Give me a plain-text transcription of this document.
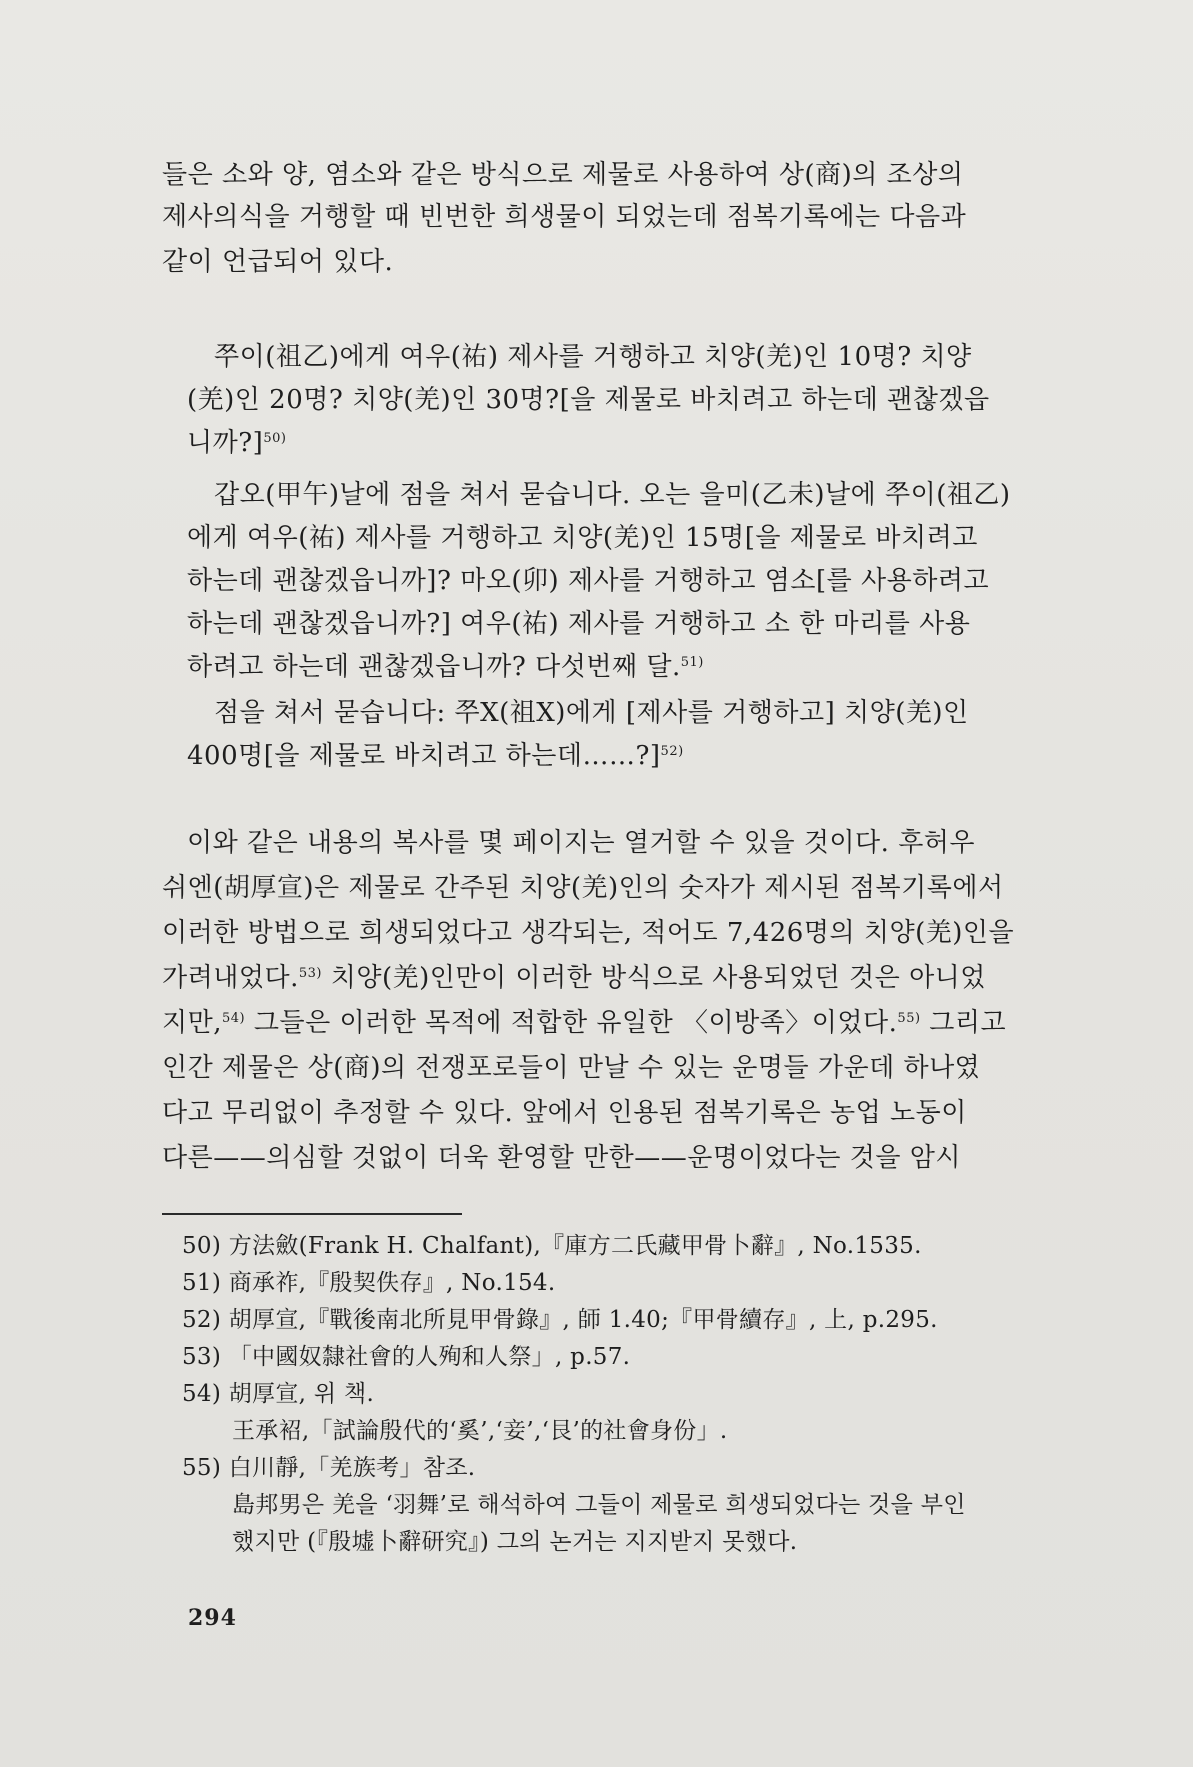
들은 소와 양, 염소와 같은 방식으로 제물로 사용하여 상(商)의 조상의
제사의식을 거행할 때 빈번한 희생물이 되었는데 점복기록에는 다음과
같이 언급되어 있다.
쭈이(祖乙)에게 여우(祐) 제사를 거행하고 치양(羌)인 10명? 치양
(羌)인 20명? 치양(羌)인 30명?[을 제물로 바치려고 하는데 괜찮겠읍
니까?]$^{50)}$
갑오(甲午)날에 점을 쳐서 묻습니다. 오는 을미(乙未)날에 쭈이(祖乙)
에게 여우(祐) 제사를 거행하고 치양(羌)인 15명[을 제물로 바치려고
하는데 괜찮겠읍니까]? 마오(卯) 제사를 거행하고 염소[를 사용하려고
하는데 괜찮겠읍니까?] 여우(祐) 제사를 거행하고 소 한 마리를 사용
하려고 하는데 괜찮겠읍니까? 다섯번째 달.$^{51)}$
점을 쳐서 묻습니다: 쭈X(祖X)에게 [제사를 거행하고] 치양(羌)인
400명[을 제물로 바치려고 하는데……?]$^{52)}$
이와 같은 내용의 복사를 몇 페이지는 열거할 수 있을 것이다. 후허우
쉬엔(胡厚宣)은 제물로 간주된 치양(羌)인의 숫자가 제시된 점복기록에서
이러한 방법으로 희생되었다고 생각되는, 적어도 7,426명의 치양(羌)인을
가려내었다.$^{53)}$ 치양(羌)인만이 이러한 방식으로 사용되었던 것은 아니었
지만,$^{54)}$ 그들은 이러한 목적에 적합한 유일한 〈이방족〉이었다.$^{55)}$ 그리고
인간 제물은 상(商)의 전쟁포로들이 만날 수 있는 운명들 가운데 하나였
다고 무리없이 추정할 수 있다. 앞에서 인용된 점복기록은 농업 노동이
다른——의심할 것없이 더욱 환영할 만한——운명이었다는 것을 암시
50) 方法斂(Frank H. Chalfant),『庫方二氏藏甲骨卜辭』, No.1535.
51) 商承祚,『殷契佚存』, No.154.
52) 胡厚宣,『戰後南北所見甲骨錄』, 師 1.40;『甲骨續存』, 上, p.295.
53) 「中國奴隸社會的人殉和人祭」, p.57.
54) 胡厚宣, 위 책.
王承袑,「試論殷代的‘奚’,‘妾’,‘艮’的社會身份」.
55) 白川靜,「羌族考」참조.
島邦男은 羌을 ‘羽舞’로 해석하여 그들이 제물로 희생되었다는 것을 부인
했지만 (『殷墟卜辭研究』) 그의 논거는 지지받지 못했다.
294
